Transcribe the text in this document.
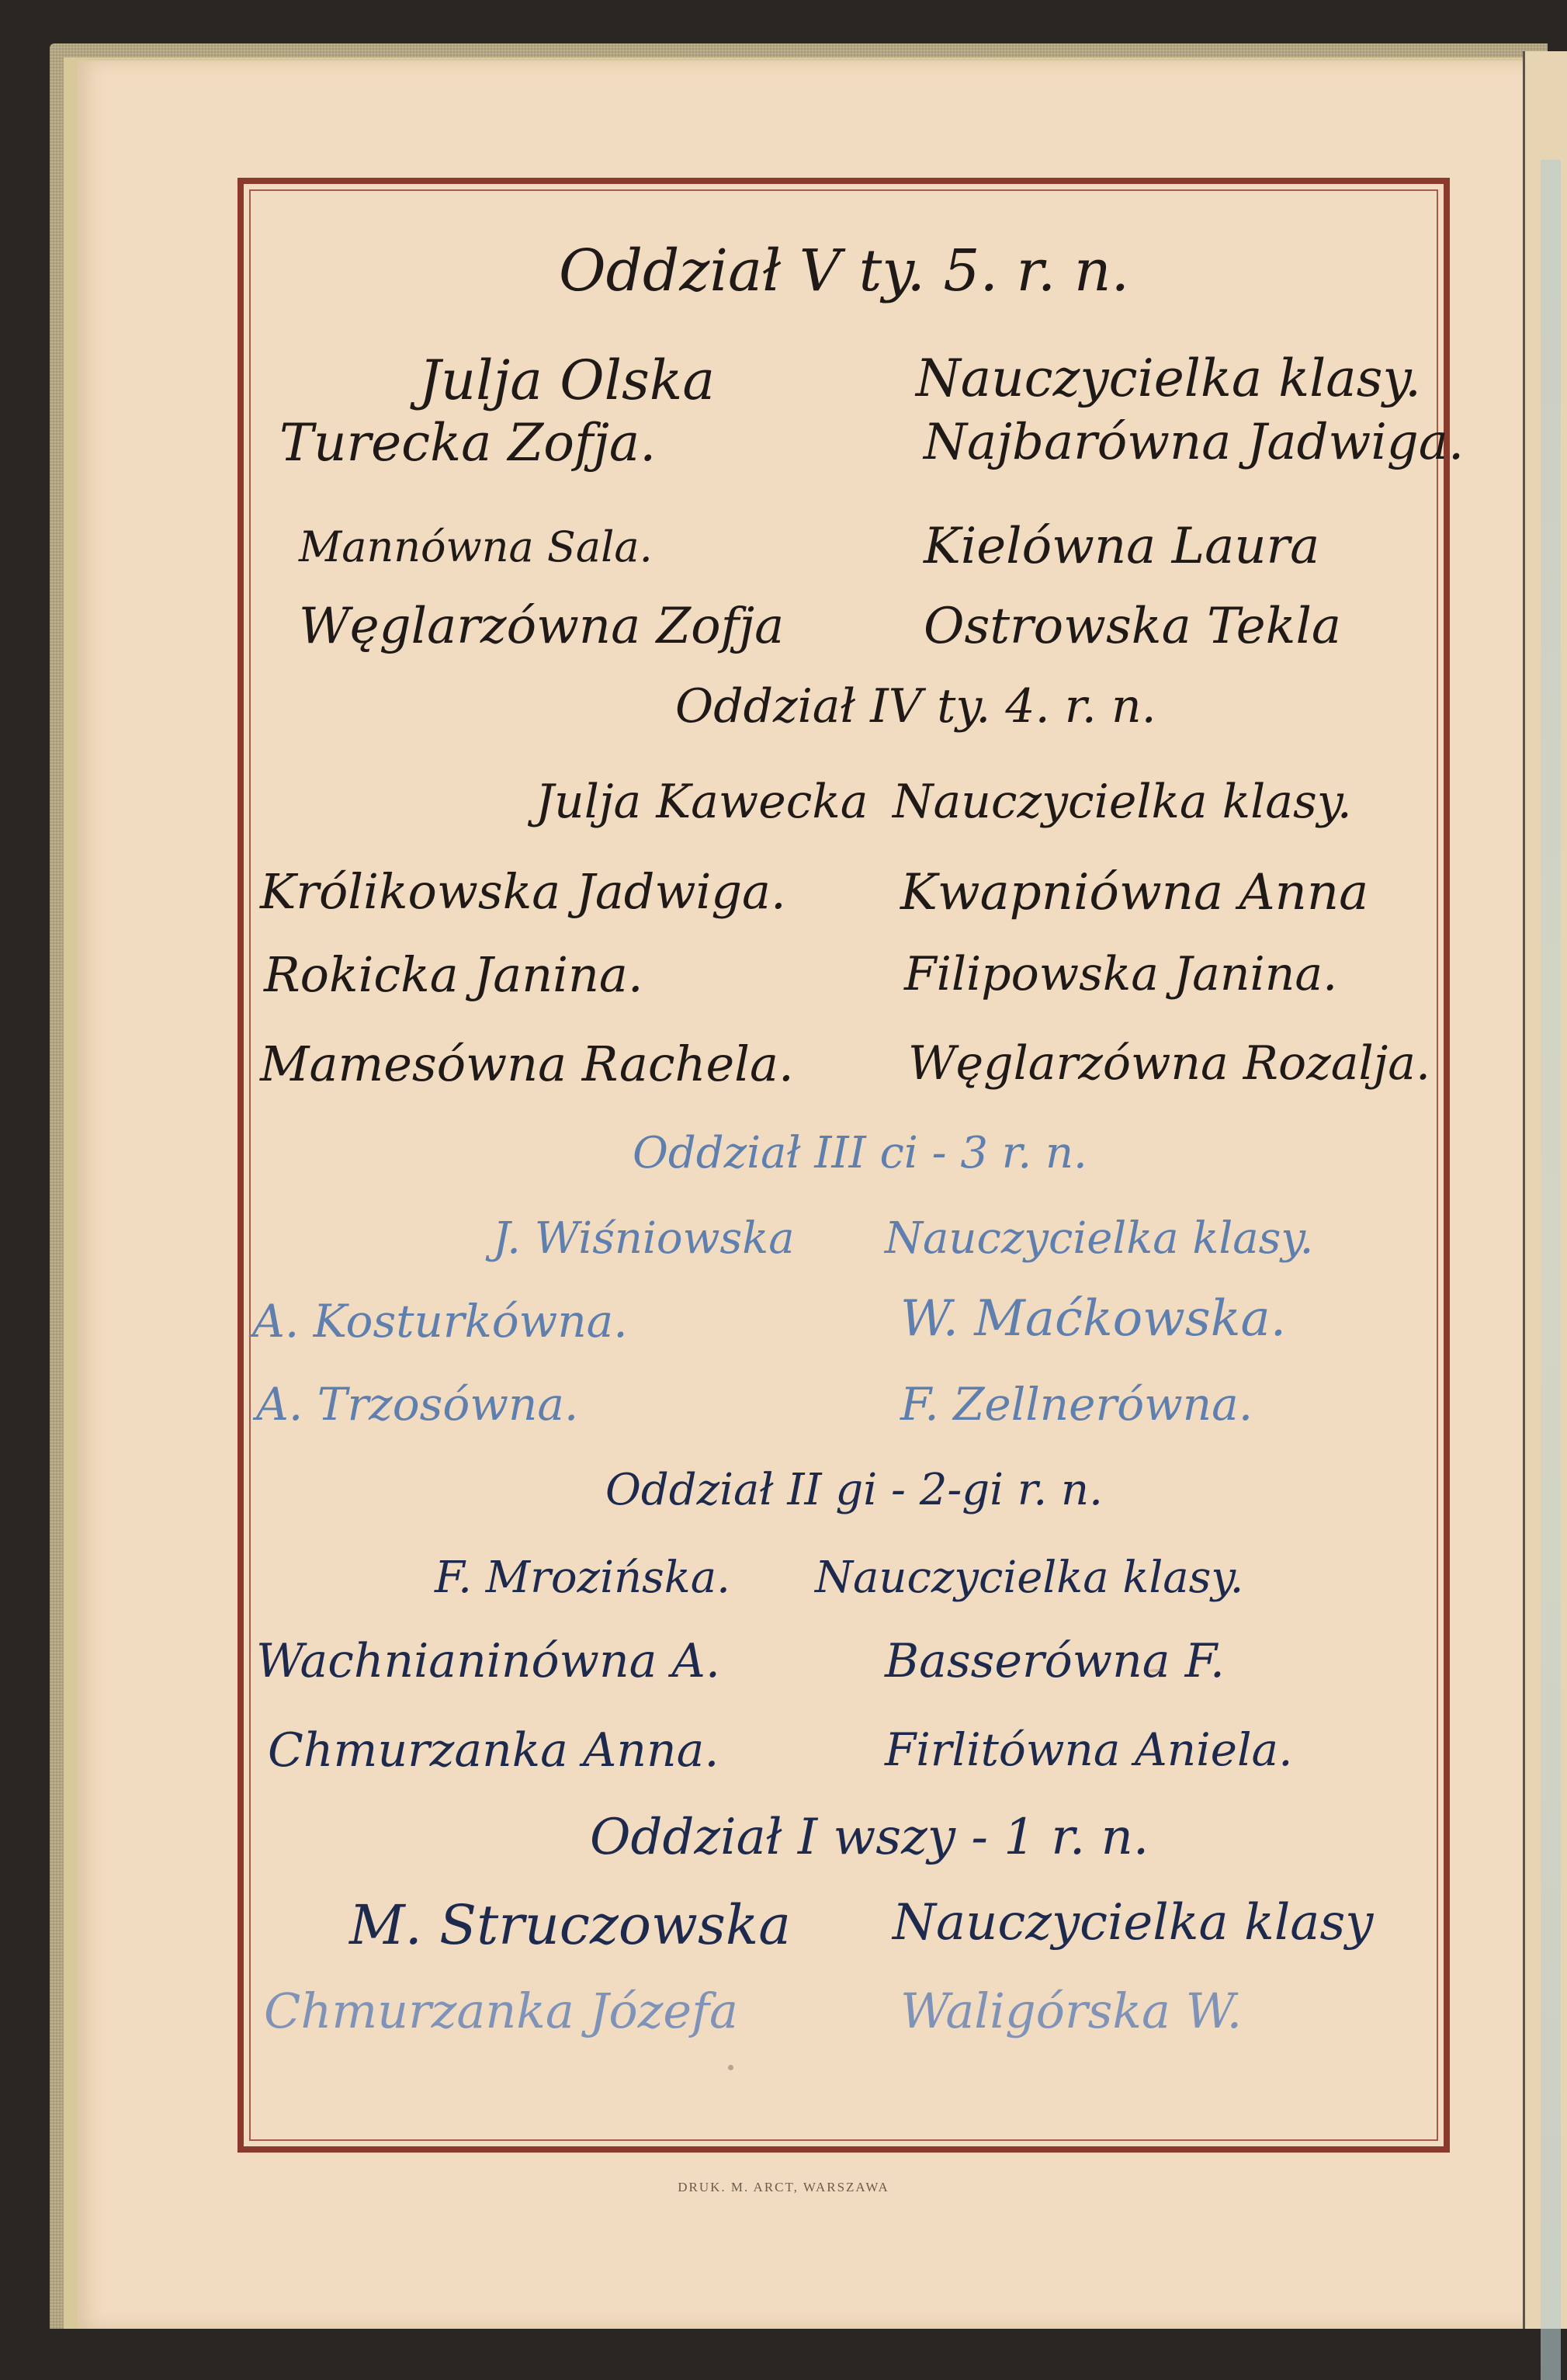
Oddział V ty. 5. r. n.
Julja Olska	Nauczycielka klasy.
Turecka Zofja.	Najbarówna Jadwiga.
Mannówna Sala.	Kielówna Laura
Węglarzówna Zofja	Ostrowska Tekla
Oddział IV ty. 4. r. n.
Julja Kawecka Nauczycielka klasy.
Królikowska Jadwiga. Kwapniówna Anna
Rokicka Janina.	Filipowska Janina.
Mamesówna Rachela. Węglarzówna Rozalja.
Oddział III ci - 3 r. n.
J. Wiśniowska Nauczycielka klasy.
A. Kosturkówna.	W. Maćkowska.
A. Trzosówna.	F. Zellnerówna.
Oddział II gi - 2-gi r. n.
F. Mrozińska. Nauczycielka klasy.
Wachnianinówna A.	Basserówna F.
Chmurzanka Anna.	Firlitówna Aniela.
Oddział I wszy - 1 r. n.
M. Struczowska Nauczycielka klasy
Chmurzanka Józefa	Waligórska W.
DRUK. M. ARCT, WARSZAWA
